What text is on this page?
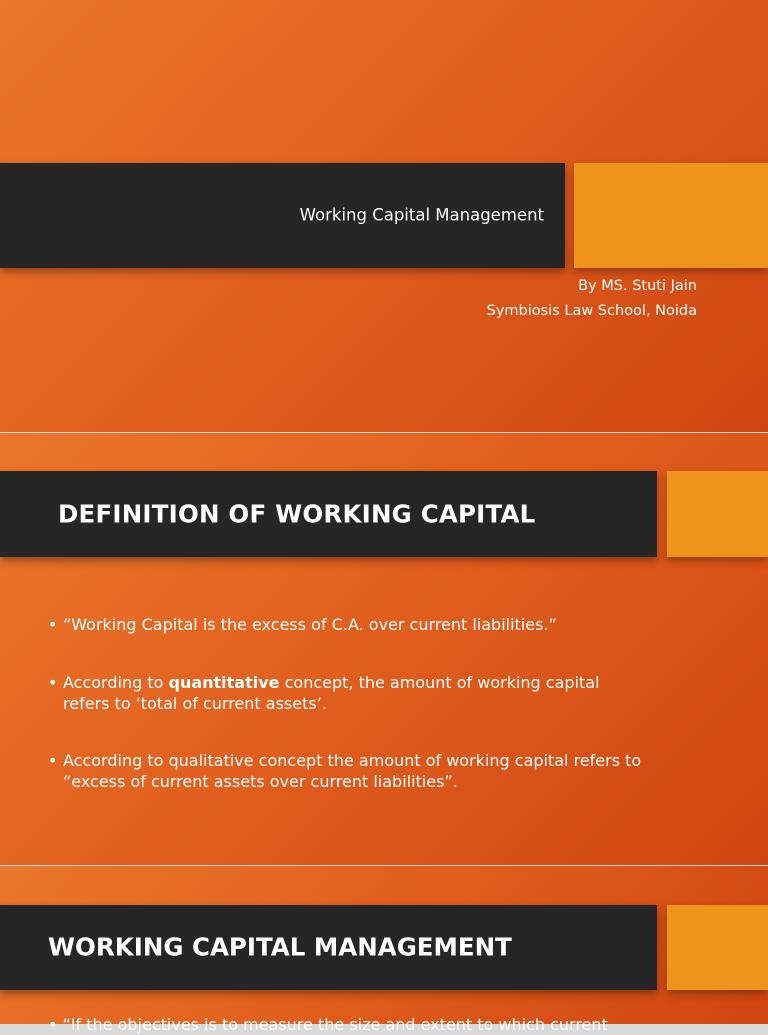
Working Capital Management
By MS. Stuti Jain
Symbiosis Law School, Noida
DEFINITION OF WORKING CAPITAL
• “Working Capital is the excess of C.A. over current liabilities.”
• According to quantitative concept, the amount of working capital refers to ‘total of current assets’.
• According to qualitative concept the amount of working capital refers to “excess of current assets over current liabilities”.
WORKING CAPITAL MANAGEMENT
• “If the objectives is to measure the size and extent to which current
